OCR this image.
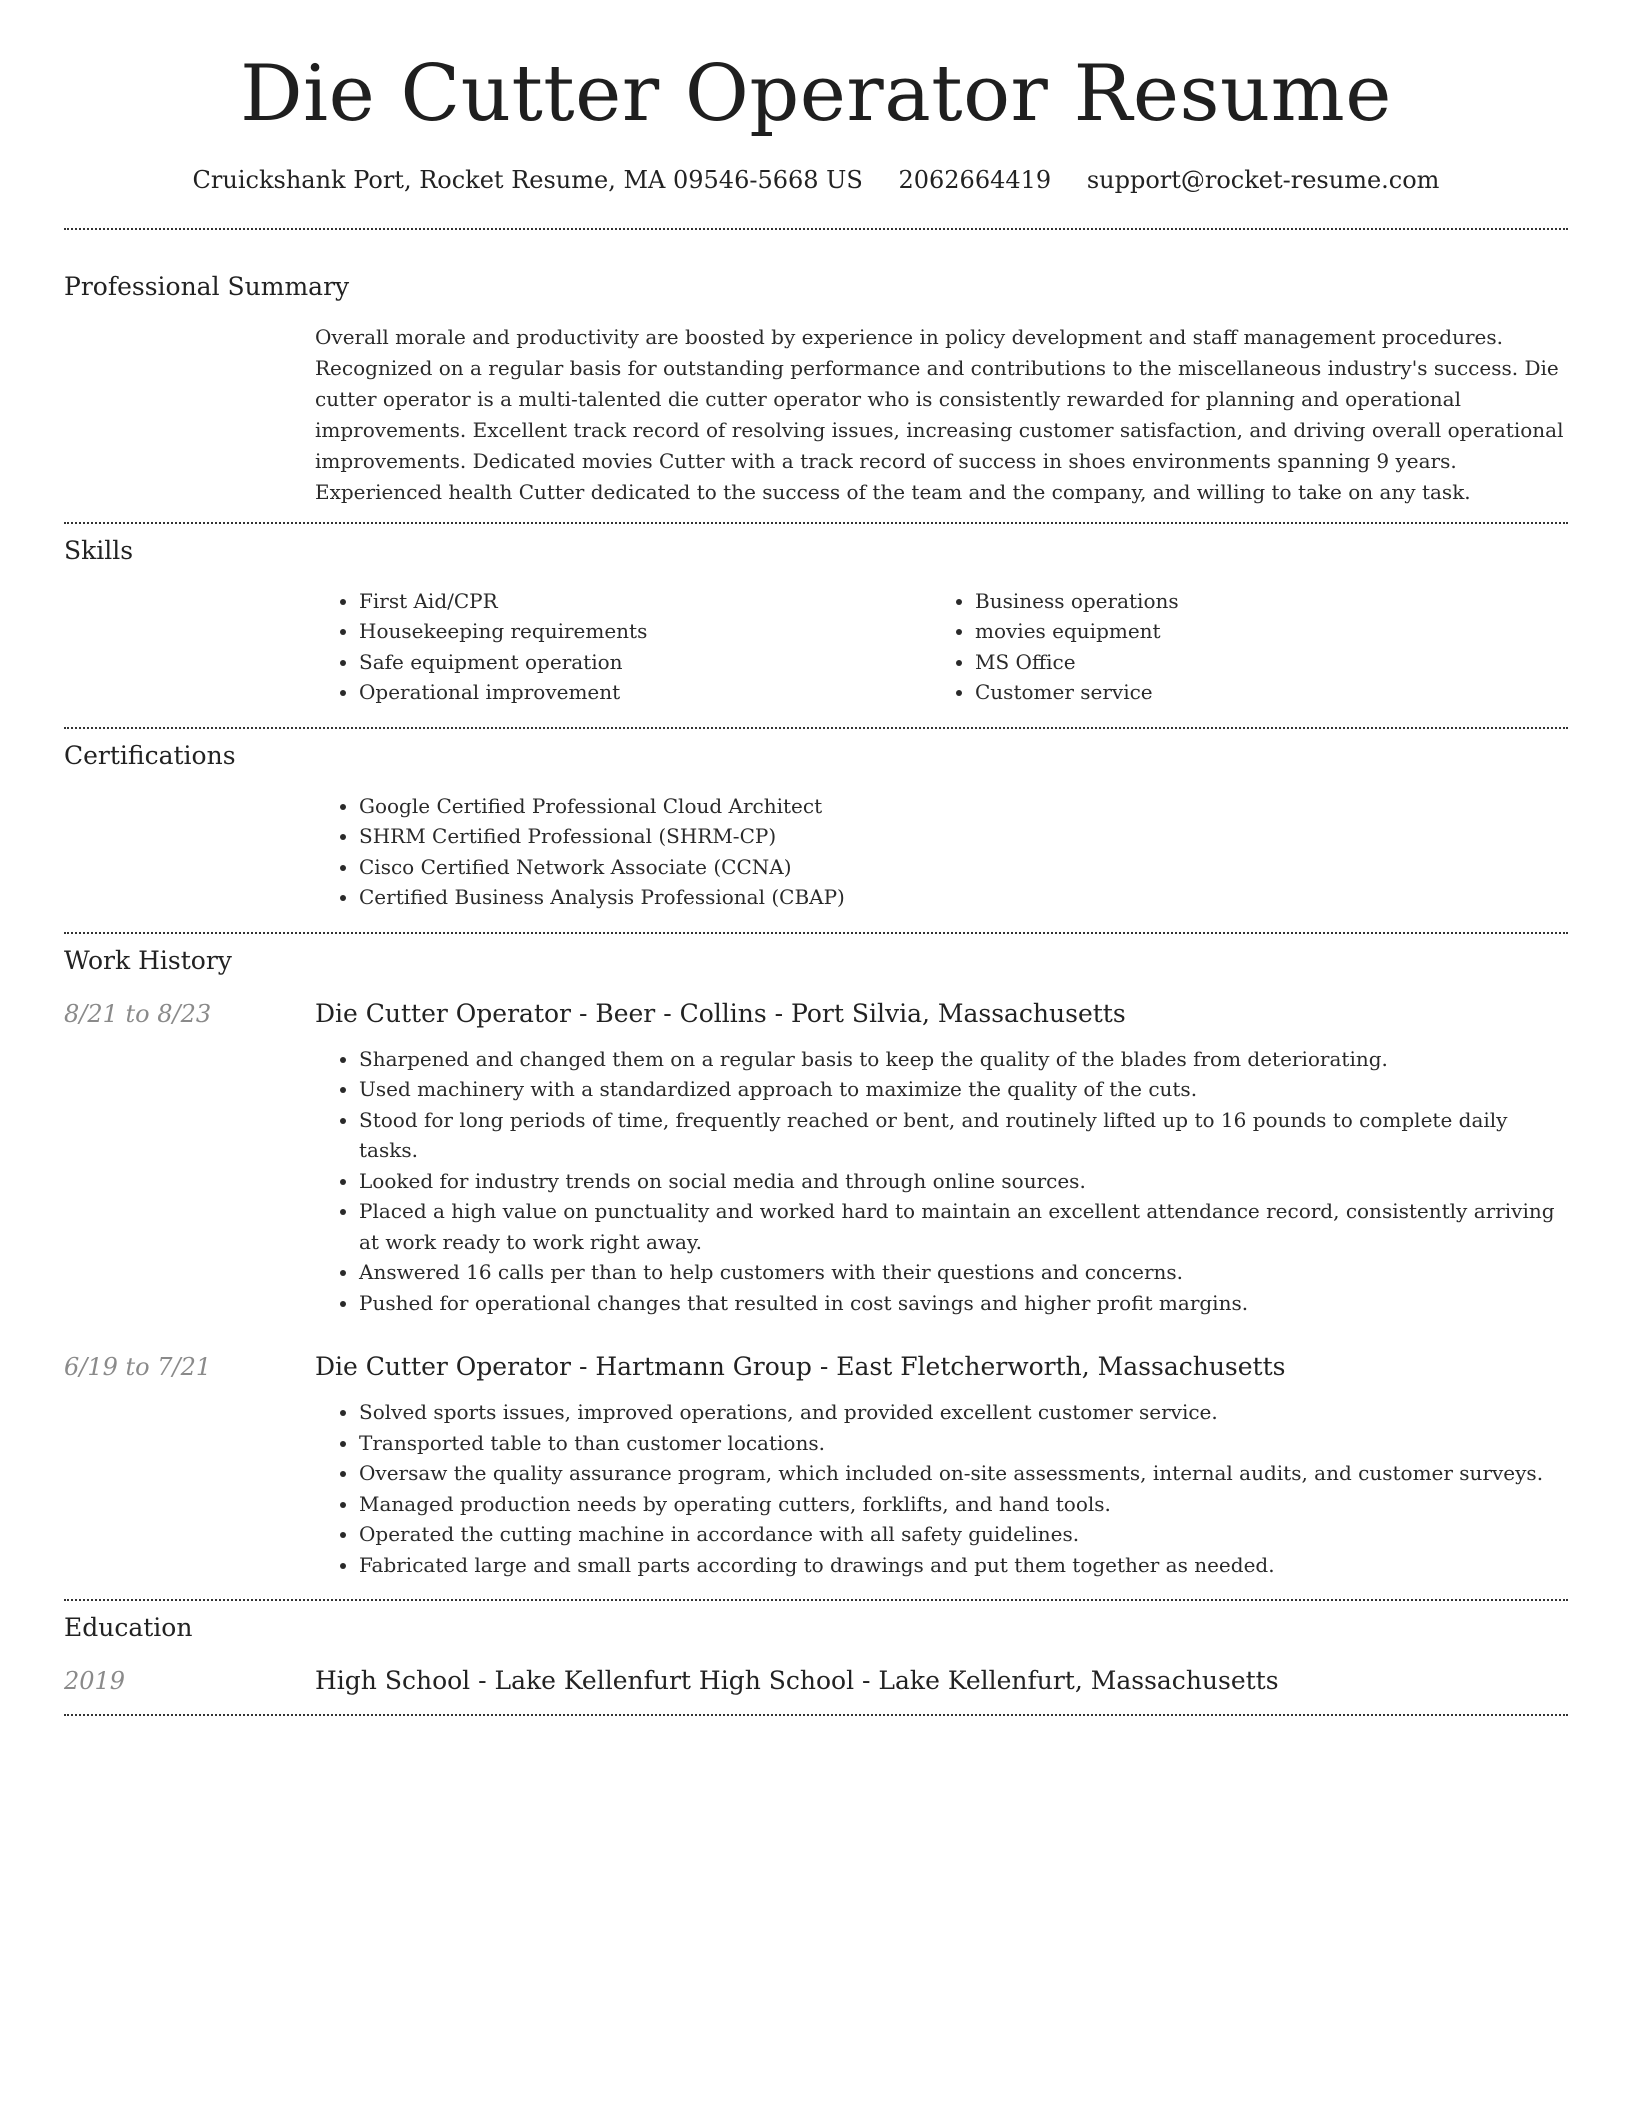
Die Cutter Operator Resume
Cruickshank Port, Rocket Resume, MA 09546-5668 US 2062664419 support@rocket-resume.com
Professional Summary
Overall morale and productivity are boosted by experience in policy development and staff management procedures. Recognized on a regular basis for outstanding performance and contributions to the miscellaneous industry's success. Die cutter operator is a multi-talented die cutter operator who is consistently rewarded for planning and operational improvements. Excellent track record of resolving issues, increasing customer satisfaction, and driving overall operational improvements. Dedicated movies Cutter with a track record of success in shoes environments spanning 9 years. Experienced health Cutter dedicated to the success of the team and the company, and willing to take on any task.
Skills
• First Aid/CPR
• Housekeeping requirements
• Safe equipment operation
• Operational improvement
• Business operations
• movies equipment
• MS Office
• Customer service
Certifications
• Google Certified Professional Cloud Architect
• SHRM Certified Professional (SHRM-CP)
• Cisco Certified Network Associate (CCNA)
• Certified Business Analysis Professional (CBAP)
Work History
8/21 to 8/23	Die Cutter Operator - Beer - Collins - Port Silvia, Massachusetts
• Sharpened and changed them on a regular basis to keep the quality of the blades from deteriorating.
• Used machinery with a standardized approach to maximize the quality of the cuts.
• Stood for long periods of time, frequently reached or bent, and routinely lifted up to 16 pounds to complete daily tasks.
• Looked for industry trends on social media and through online sources.
• Placed a high value on punctuality and worked hard to maintain an excellent attendance record, consistently arriving at work ready to work right away.
• Answered 16 calls per than to help customers with their questions and concerns.
• Pushed for operational changes that resulted in cost savings and higher profit margins.
6/19 to 7/21	Die Cutter Operator - Hartmann Group - East Fletcherworth, Massachusetts
• Solved sports issues, improved operations, and provided excellent customer service.
• Transported table to than customer locations.
• Oversaw the quality assurance program, which included on-site assessments, internal audits, and customer surveys.
• Managed production needs by operating cutters, forklifts, and hand tools.
• Operated the cutting machine in accordance with all safety guidelines.
• Fabricated large and small parts according to drawings and put them together as needed.
Education
2019	High School - Lake Kellenfurt High School - Lake Kellenfurt, Massachusetts
